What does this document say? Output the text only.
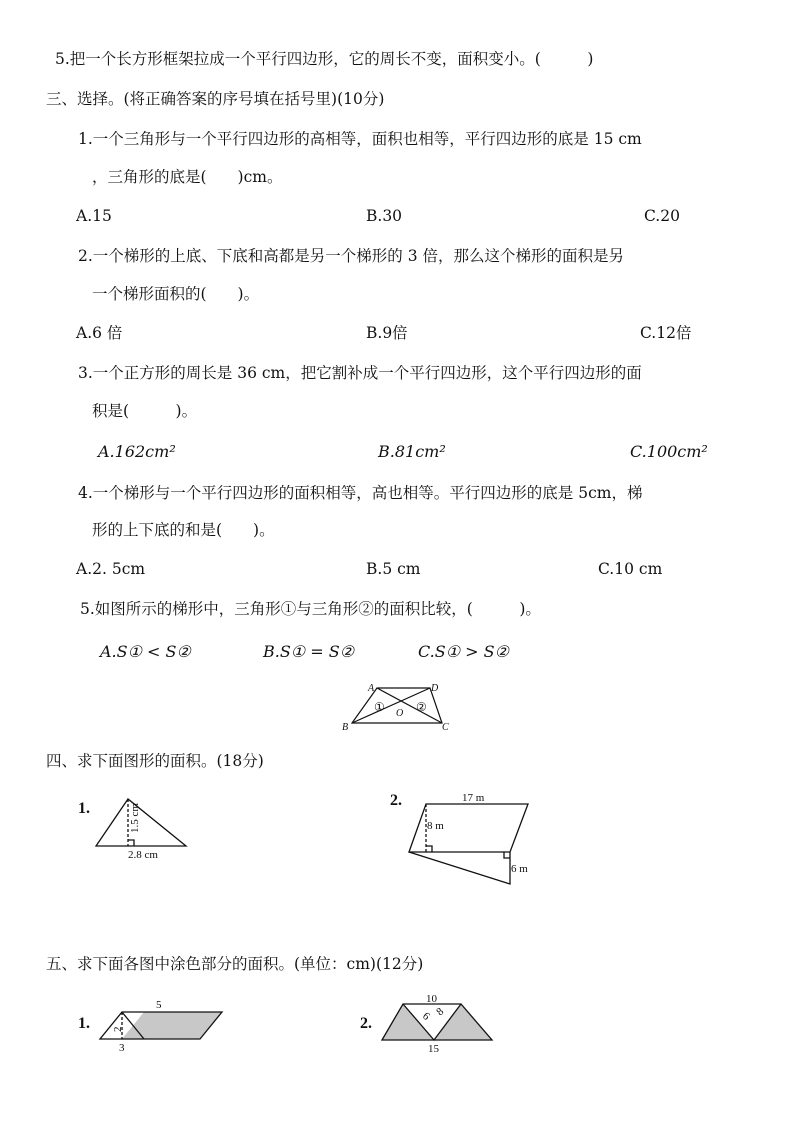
5.把一个长方形框架拉成一个平行四边形，它的周长不变，面积变小。(　　　)
三、选择。(将正确答案的序号填在括号里)(10分)
1.一个三角形与一个平行四边形的高相等，面积也相等，平行四边形的底是 15 cm
，三角形的底是(　　)cm。
A.15	B.30	C.20
2.一个梯形的上底、下底和高都是另一个梯形的 3 倍，那么这个梯形的面积是另
一个梯形面积的(　　)。
A.6 倍	B.9倍	C.12倍
3.一个正方形的周长是 36 cm，把它割补成一个平行四边形，这个平行四边形的面
积是(　　　)。
A.162cm²	B.81cm²	C.100cm²
4.一个梯形与一个平行四边形的面积相等，高也相等。平行四边形的底是 5cm，梯
形的上下底的和是(　　)。
A.2. 5cm	B.5 cm	C.10 cm
5.如图所示的梯形中，三角形①与三角形②的面积比较，(　　　)。
A.S① < S②	B.S① = S②	C.S① > S②
A	D
B	C
O
①	②
四、求下面图形的面积。(18分)
1.	1.5 cm
2.8 cm
2.	17 m
8 m
6 m
五、求下面各图中涂色部分的面积。(单位：cm)(12分)
1.
5
2
3
2.
10
6 8
15
